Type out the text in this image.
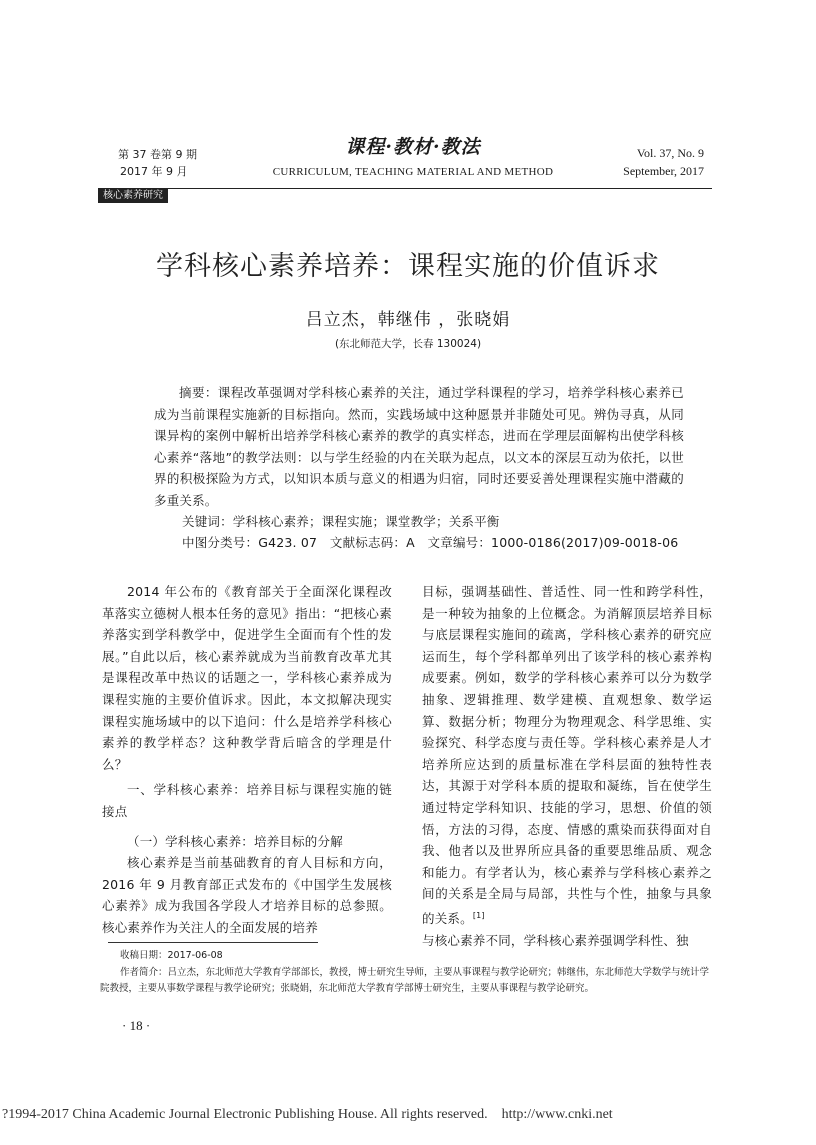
第 37 卷第 9 期
2017 年 9 月
课程·教材·教法
CURRICULUM, TEACHING MATERIAL AND METHOD
Vol. 37, No. 9
September, 2017
核心素养研究
学科核心素养培养：课程实施的价值诉求
吕立杰，韩继伟 ，张晓娟
(东北师范大学，长春 130024)
摘要：课程改革强调对学科核心素养的关注，通过学科课程的学习，培养学科核心素养已成为当前课程实施新的目标指向。然而，实践场域中这种愿景并非随处可见。辨伪寻真，从同课异构的案例中解析出培养学科核心素养的教学的真实样态，进而在学理层面解构出使学科核心素养“落地”的教学法则：以与学生经验的内在关联为起点，以文本的深层互动为依托，以世界的积极探险为方式，以知识本质与意义的相遇为归宿，同时还要妥善处理课程实施中潜藏的多重关系。
关键词：学科核心素养；课程实施；课堂教学；关系平衡
中图分类号：G423. 07　文献标志码：A　文章编号：1000-0186(2017)09-0018-06

2014 年公布的《教育部关于全面深化课程改革落实立德树人根本任务的意见》指出：“把核心素养落实到学科教学中，促进学生全面而有个性的发展。”自此以后，核心素养就成为当前教育改革尤其是课程改革中热议的话题之一，学科核心素养成为课程实施的主要价值诉求。因此，本文拟解决现实课程实施场域中的以下追问：什么是培养学科核心素养的教学样态？这种教学背后暗含的学理是什么？

一、学科核心素养：培养目标与课程实施的链接点

（一）学科核心素养：培养目标的分解

核心素养是当前基础教育的育人目标和方向，2016 年 9 月教育部正式发布的《中国学生发展核心素养》成为我国各学段人才培养目标的总参照。核心素养作为关注人的全面发展的培养

目标，强调基础性、普适性、同一性和跨学科性，是一种较为抽象的上位概念。为消解顶层培养目标与底层课程实施间的疏离，学科核心素养的研究应运而生，每个学科都单列出了该学科的核心素养构成要素。例如，数学的学科核心素养可以分为数学抽象、逻辑推理、数学建模、直观想象、数学运算、数据分析；物理分为物理观念、科学思维、实验探究、科学态度与责任等。学科核心素养是人才培养所应达到的质量标准在学科层面的独特性表达，其源于对学科本质的提取和凝练，旨在使学生通过特定学科知识、技能的学习，思想、价值的领悟，方法的习得，态度、情感的熏染而获得面对自我、他者以及世界所应具备的重要思维品质、观念和能力。有学者认为，核心素养与学科核心素养之间的关系是全局与局部，共性与个性，抽象与具象的关系。[1]

与核心素养不同，学科核心素养强调学科性、独

收稿日期：2017-06-08
作者简介：吕立杰，东北师范大学教育学部部长，教授，博士研究生导师，主要从事课程与教学论研究；韩继伟，东北师范大学数学与统计学院教授，主要从事数学课程与教学论研究；张晓娟，东北师范大学教育学部博士研究生，主要从事课程与教学论研究。
· 18 ·
?1994-2017 China Academic Journal Electronic Publishing House. All rights reserved.　http://www.cnki.net
